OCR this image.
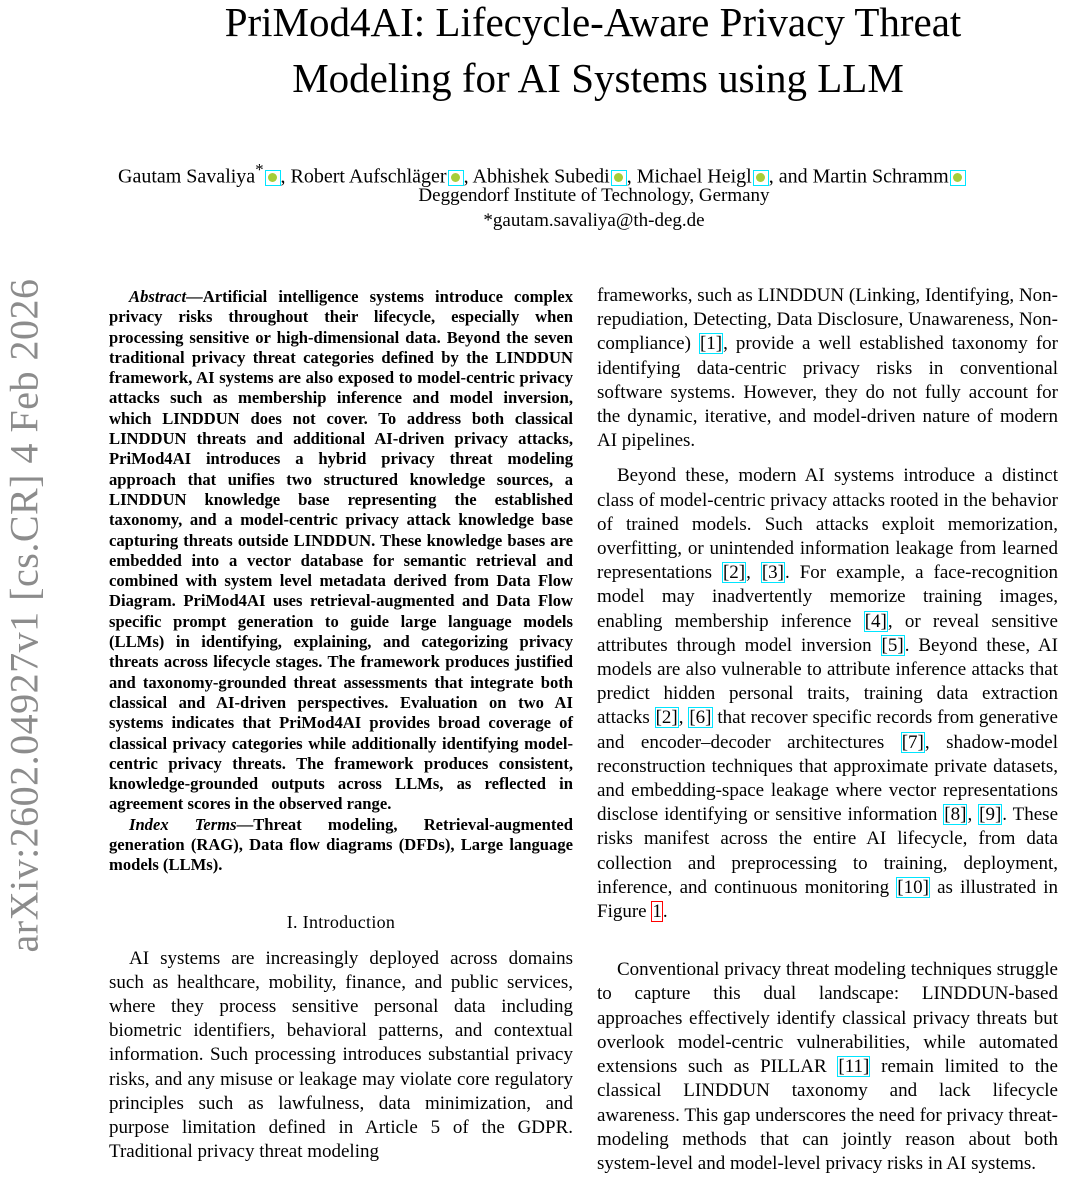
arXiv:2602.04927v1 [cs.CR] 4 Feb 2026
PriMod4AI: Lifecycle-Aware Privacy Threat
Modeling for AI Systems using LLM

Gautam Savaliya* , Robert Aufschläger , Abhishek Subedi , Michael Heigl , and Martin Schramm

Deggendorf Institute of Technology, Germany

*gautam.savaliya@th-deg.de

Abstract—Artificial intelligence systems introduce complex privacy risks throughout their lifecycle, especially when processing sensitive or high-dimensional data. Beyond the seven traditional privacy threat categories defined by the LINDDUN framework, AI systems are also exposed to model-centric privacy attacks such as membership inference and model inversion, which LINDDUN does not cover. To address both classical LINDDUN threats and additional AI-driven privacy attacks, PriMod4AI introduces a hybrid privacy threat modeling approach that unifies two structured knowledge sources, a LINDDUN knowledge base representing the established taxonomy, and a model-centric privacy attack knowledge base capturing threats outside LINDDUN. These knowledge bases are embedded into a vector database for semantic retrieval and combined with system level metadata derived from Data Flow Diagram. PriMod4AI uses retrieval-augmented and Data Flow specific prompt generation to guide large language models (LLMs) in identifying, explaining, and categorizing privacy threats across lifecycle stages. The framework produces justified and taxonomy-grounded threat assessments that integrate both classical and AI-driven perspectives. Evaluation on two AI systems indicates that PriMod4AI provides broad coverage of classical privacy categories while additionally identifying model-centric privacy threats. The framework produces consistent, knowledge-grounded outputs across LLMs, as reflected in agreement scores in the observed range.

Index Terms—Threat modeling, Retrieval-augmented generation (RAG), Data flow diagrams (DFDs), Large language models (LLMs).

I. Introduction

AI systems are increasingly deployed across domains such as healthcare, mobility, finance, and public services, where they process sensitive personal data including biometric identifiers, behavioral patterns, and contextual information. Such processing introduces substantial privacy risks, and any misuse or leakage may violate core regulatory principles such as lawfulness, data minimization, and purpose limitation defined in Article 5 of the GDPR. Traditional privacy threat modeling

frameworks, such as LINDDUN (Linking, Identifying, Non-repudiation, Detecting, Data Disclosure, Unawareness, Non-compliance) [1], provide a well established taxonomy for identifying data-centric privacy risks in conventional software systems. However, they do not fully account for the dynamic, iterative, and model-driven nature of modern AI pipelines.

Beyond these, modern AI systems introduce a distinct class of model-centric privacy attacks rooted in the behavior of trained models. Such attacks exploit memorization, overfitting, or unintended information leakage from learned representations [2], [3]. For example, a face-recognition model may inadvertently memorize training images, enabling membership inference [4], or reveal sensitive attributes through model inversion [5]. Beyond these, AI models are also vulnerable to attribute inference attacks that predict hidden personal traits, training data extraction attacks [2], [6] that recover specific records from generative and encoder–decoder architectures [7], shadow-model reconstruction techniques that approximate private datasets, and embedding-space leakage where vector representations disclose identifying or sensitive information [8], [9]. These risks manifest across the entire AI lifecycle, from data collection and preprocessing to training, deployment, inference, and continuous monitoring [10] as illustrated in Figure 1.

Conventional privacy threat modeling techniques struggle to capture this dual landscape: LINDDUN-based approaches effectively identify classical privacy threats but overlook model-centric vulnerabilities, while automated extensions such as PILLAR [11] remain limited to the classical LINDDUN taxonomy and lack lifecycle awareness. This gap underscores the need for privacy threat-modeling methods that can jointly reason about both system-level and model-level privacy risks in AI systems.
